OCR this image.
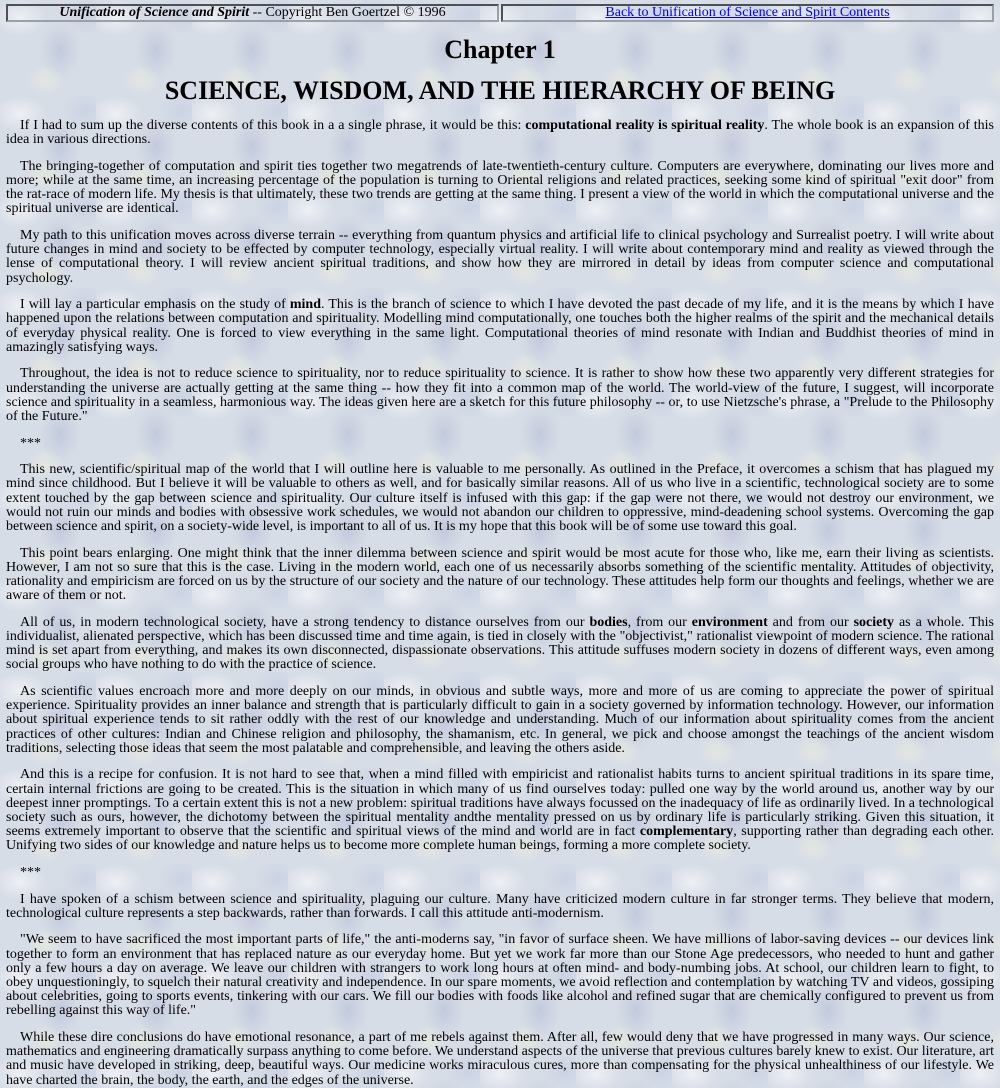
Unification of Science and Spirit -- Copyright Ben Goertzel © 1996	Back to Unification of Science and Spirit Contents
Chapter 1
SCIENCE, WISDOM, AND THE HIERARCHY OF BEING

If I had to sum up the diverse contents of this book in a a single phrase, it would be this: computational reality is spiritual reality. The whole book is an expansion of this idea in various directions.

The bringing-together of computation and spirit ties together two megatrends of late-twentieth-century culture. Computers are everywhere, dominating our lives more and more; while at the same time, an increasing percentage of the population is turning to Oriental religions and related practices, seeking some kind of spiritual "exit door" from the rat-race of modern life. My thesis is that ultimately, these two trends are getting at the same thing. I present a view of the world in which the computational universe and the spiritual universe are identical.

My path to this unification moves across diverse terrain -- everything from quantum physics and artificial life to clinical psychology and Surrealist poetry. I will write about future changes in mind and society to be effected by computer technology, especially virtual reality. I will write about contemporary mind and reality as viewed through the lense of computational theory. I will review ancient spiritual traditions, and show how they are mirrored in detail by ideas from computer science and computational psychology.

I will lay a particular emphasis on the study of mind. This is the branch of science to which I have devoted the past decade of my life, and it is the means by which I have happened upon the relations between computation and spirituality. Modelling mind computationally, one touches both the higher realms of the spirit and the mechanical details of everyday physical reality. One is forced to view everything in the same light. Computational theories of mind resonate with Indian and Buddhist theories of mind in amazingly satisfying ways.

Throughout, the idea is not to reduce science to spirituality, nor to reduce spirituality to science. It is rather to show how these two apparently very different strategies for understanding the universe are actually getting at the same thing -- how they fit into a common map of the world. The world-view of the future, I suggest, will incorporate science and spirituality in a seamless, harmonious way. The ideas given here are a sketch for this future philosophy -- or, to use Nietzsche's phrase, a "Prelude to the Philosophy of the Future."

***

This new, scientific/spiritual map of the world that I will outline here is valuable to me personally. As outlined in the Preface, it overcomes a schism that has plagued my mind since childhood. But I believe it will be valuable to others as well, and for basically similar reasons. All of us who live in a scientific, technological society are to some extent touched by the gap between science and spirituality. Our culture itself is infused with this gap: if the gap were not there, we would not destroy our environment, we would not ruin our minds and bodies with obsessive work schedules, we would not abandon our children to oppressive, mind-deadening school systems. Overcoming the gap between science and spirit, on a society-wide level, is important to all of us. It is my hope that this book will be of some use toward this goal.

This point bears enlarging. One might think that the inner dilemma between science and spirit would be most acute for those who, like me, earn their living as scientists. However, I am not so sure that this is the case. Living in the modern world, each one of us necessarily absorbs something of the scientific mentality. Attitudes of objectivity, rationality and empiricism are forced on us by the structure of our society and the nature of our technology. These attitudes help form our thoughts and feelings, whether we are aware of them or not.

All of us, in modern technological society, have a strong tendency to distance ourselves from our bodies, from our environment and from our society as a whole. This individualist, alienated perspective, which has been discussed time and time again, is tied in closely with the "objectivist," rationalist viewpoint of modern science. The rational mind is set apart from everything, and makes its own disconnected, dispassionate observations. This attitude suffuses modern society in dozens of different ways, even among social groups who have nothing to do with the practice of science.

As scientific values encroach more and more deeply on our minds, in obvious and subtle ways, more and more of us are coming to appreciate the power of spiritual experience. Spirituality provides an inner balance and strength that is particularly difficult to gain in a society governed by information technology. However, our information about spiritual experience tends to sit rather oddly with the rest of our knowledge and understanding. Much of our information about spirituality comes from the ancient practices of other cultures: Indian and Chinese religion and philosophy, the shamanism, etc. In general, we pick and choose amongst the teachings of the ancient wisdom traditions, selecting those ideas that seem the most palatable and comprehensible, and leaving the others aside.

And this is a recipe for confusion. It is not hard to see that, when a mind filled with empiricist and rationalist habits turns to ancient spiritual traditions in its spare time, certain internal frictions are going to be created. This is the situation in which many of us find ourselves today: pulled one way by the world around us, another way by our deepest inner promptings. To a certain extent this is not a new problem: spiritual traditions have always focussed on the inadequacy of life as ordinarily lived. In a technological society such as ours, however, the dichotomy between the spiritual mentality andthe mentality pressed on us by ordinary life is particularly striking. Given this situation, it seems extremely important to observe that the scientific and spiritual views of the mind and world are in fact complementary, supporting rather than degrading each other. Unifying two sides of our knowledge and nature helps us to become more complete human beings, forming a more complete society.

***

I have spoken of a schism between science and spirituality, plaguing our culture. Many have criticized modern culture in far stronger terms. They believe that modern, technological culture represents a step backwards, rather than forwards. I call this attitude anti-modernism.

"We seem to have sacrificed the most important parts of life," the anti-moderns say, "in favor of surface sheen. We have millions of labor-saving devices -- our devices link together to form an environment that has replaced nature as our everyday home. But yet we work far more than our Stone Age predecessors, who needed to hunt and gather only a few hours a day on average. We leave our children with strangers to work long hours at often mind- and body-numbing jobs. At school, our children learn to fight, to obey unquestioningly, to squelch their natural creativity and independence. In our spare moments, we avoid reflection and contemplation by watching TV and videos, gossiping about celebrities, going to sports events, tinkering with our cars. We fill our bodies with foods like alcohol and refined sugar that are chemically configured to prevent us from rebelling against this way of life."

While these dire conclusions do have emotional resonance, a part of me rebels against them. After all, few would deny that we have progressed in many ways. Our science, mathematics and engineering dramatically surpass anything to come before. We understand aspects of the universe that previous cultures barely knew to exist. Our literature, art and music have developed in striking, deep, beautiful ways. Our medicine works miraculous cures, more than compensating for the physical unhealthiness of our lifestyle. We have charted the brain, the body, the earth, and the edges of the universe.
